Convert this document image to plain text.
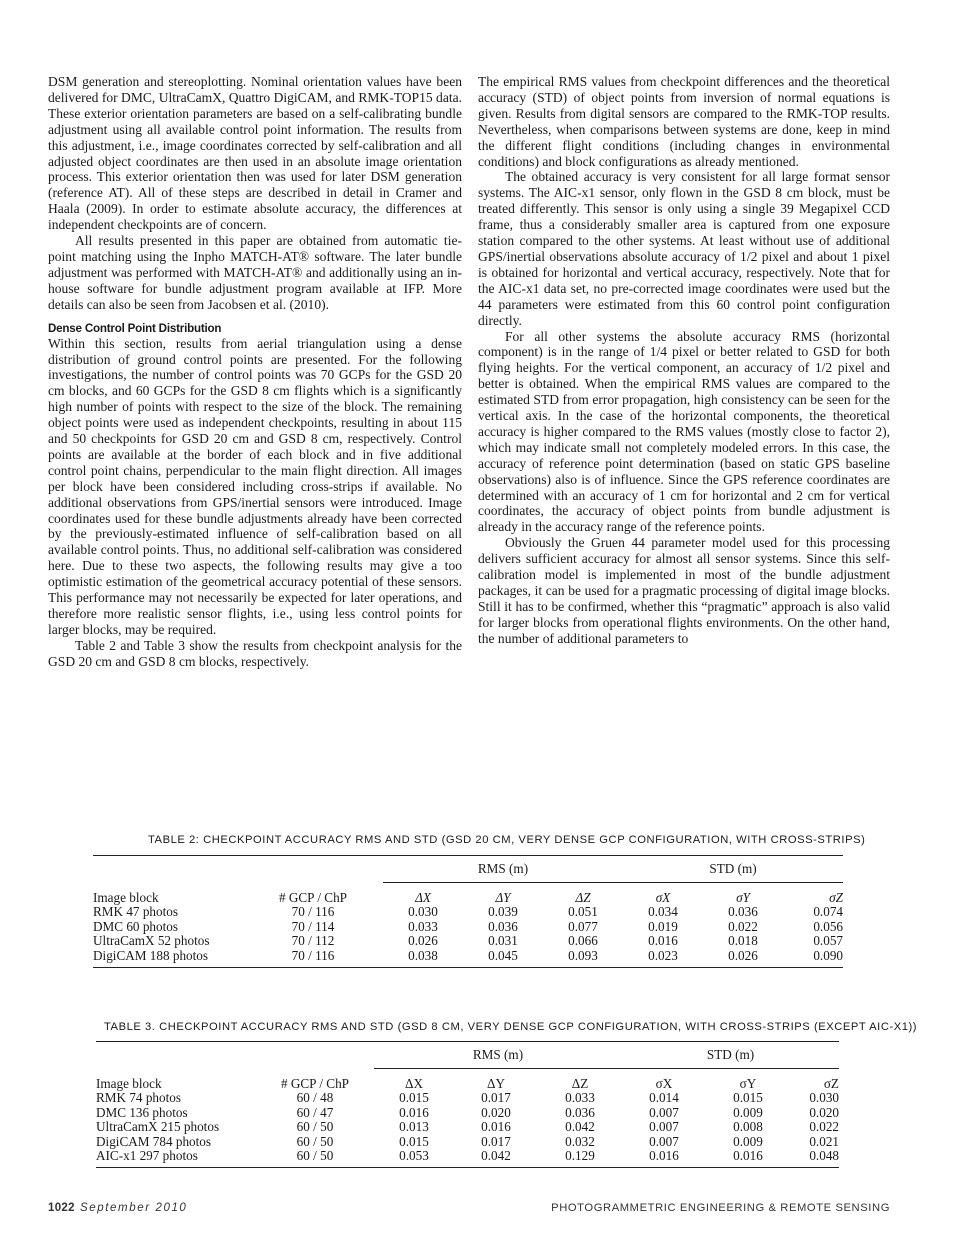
DSM generation and stereoplotting. Nominal orientation values have been delivered for DMC, UltraCamX, Quattro DigiCAM, and RMK-TOP15 data. These exterior orientation parameters are based on a self-calibrating bundle adjustment using all available control point information. The results from this adjustment, i.e., image coordinates corrected by self-calibration and all adjusted object coordinates are then used in an absolute image orientation process. This exterior orientation then was used for later DSM generation (reference AT). All of these steps are described in detail in Cramer and Haala (2009). In order to estimate absolute accuracy, the differences at independent checkpoints are of concern.

All results presented in this paper are obtained from automatic tie-point matching using the Inpho MATCH-AT® software. The later bundle adjustment was performed with MATCH-AT® and additionally using an in-house software for bundle adjustment program available at IFP. More details can also be seen from Jacobsen et al. (2010).

Dense Control Point Distribution

Within this section, results from aerial triangulation using a dense distribution of ground control points are presented. For the following investigations, the number of control points was 70 GCPs for the GSD 20 cm blocks, and 60 GCPs for the GSD 8 cm flights which is a significantly high number of points with respect to the size of the block. The remaining object points were used as independent checkpoints, resulting in about 115 and 50 checkpoints for GSD 20 cm and GSD 8 cm, respectively. Control points are available at the border of each block and in five additional control point chains, perpendicular to the main flight direction. All images per block have been considered including cross-strips if available. No additional observations from GPS/inertial sensors were introduced. Image coordinates used for these bundle adjustments already have been corrected by the previously-estimated influence of self-calibration based on all available control points. Thus, no additional self-calibration was considered here. Due to these two aspects, the following results may give a too optimistic estimation of the geometrical accuracy potential of these sensors. This performance may not necessarily be expected for later operations, and therefore more realistic sensor flights, i.e., using less control points for larger blocks, may be required.

Table 2 and Table 3 show the results from checkpoint analysis for the GSD 20 cm and GSD 8 cm blocks, respectively.

The empirical RMS values from checkpoint differences and the theoretical accuracy (STD) of object points from inversion of normal equations is given. Results from digital sensors are compared to the RMK-TOP results. Nevertheless, when comparisons between systems are done, keep in mind the different flight conditions (including changes in environmental conditions) and block configurations as already mentioned.

The obtained accuracy is very consistent for all large format sensor systems. The AIC-x1 sensor, only flown in the GSD 8 cm block, must be treated differently. This sensor is only using a single 39 Megapixel CCD frame, thus a considerably smaller area is captured from one exposure station compared to the other systems. At least without use of additional GPS/inertial observations absolute accuracy of 1/2 pixel and about 1 pixel is obtained for horizontal and vertical accuracy, respectively. Note that for the AIC-x1 data set, no pre-corrected image coordinates were used but the 44 parameters were estimated from this 60 control point configuration directly.

For all other systems the absolute accuracy RMS (horizontal component) is in the range of 1/4 pixel or better related to GSD for both flying heights. For the vertical component, an accuracy of 1/2 pixel and better is obtained. When the empirical RMS values are compared to the estimated STD from error propagation, high consistency can be seen for the vertical axis. In the case of the horizontal components, the theoretical accuracy is higher compared to the RMS values (mostly close to factor 2), which may indicate small not completely modeled errors. In this case, the accuracy of reference point determination (based on static GPS baseline observations) also is of influence. Since the GPS reference coordinates are determined with an accuracy of 1 cm for horizontal and 2 cm for vertical coordinates, the accuracy of object points from bundle adjustment is already in the accuracy range of the reference points.

Obviously the Gruen 44 parameter model used for this processing delivers sufficient accuracy for almost all sensor systems. Since this self-calibration model is implemented in most of the bundle adjustment packages, it can be used for a pragmatic processing of digital image blocks. Still it has to be confirmed, whether this “pragmatic” approach is also valid for larger blocks from operational flights environments. On the other hand, the number of additional parameters to

TABLE 2: CHECKPOINT ACCURACY RMS AND STD (GSD 20 CM, VERY DENSE GCP CONFIGURATION, WITH CROSS-STRIPS)

		RMS (m)			STD (m)		
Image block	# GCP / ChP	ΔX	ΔY	ΔZ	σX	σY	σZ
RMK 47 photos	70 / 116	0.030	0.039	0.051	0.034	0.036	0.074
DMC 60 photos	70 / 114	0.033	0.036	0.077	0.019	0.022	0.056
UltraCamX 52 photos	70 / 112	0.026	0.031	0.066	0.016	0.018	0.057
DigiCAM 188 photos	70 / 116	0.038	0.045	0.093	0.023	0.026	0.090

TABLE 3. CHECKPOINT ACCURACY RMS AND STD (GSD 8 CM, VERY DENSE GCP CONFIGURATION, WITH CROSS-STRIPS (EXCEPT AIC-X1))

		RMS (m)			STD (m)		
Image block	# GCP / ChP	ΔX	ΔY	ΔZ	σX	σY	σZ
RMK 74 photos	60 / 48	0.015	0.017	0.033	0.014	0.015	0.030
DMC 136 photos	60 / 47	0.016	0.020	0.036	0.007	0.009	0.020
UltraCamX 215 photos	60 / 50	0.013	0.016	0.042	0.007	0.008	0.022
DigiCAM 784 photos	60 / 50	0.015	0.017	0.032	0.007	0.009	0.021
AIC-x1 297 photos	60 / 50	0.053	0.042	0.129	0.016	0.016	0.048

1022 September 2010	PHOTOGRAMMETRIC ENGINEERING & REMOTE SENSING
